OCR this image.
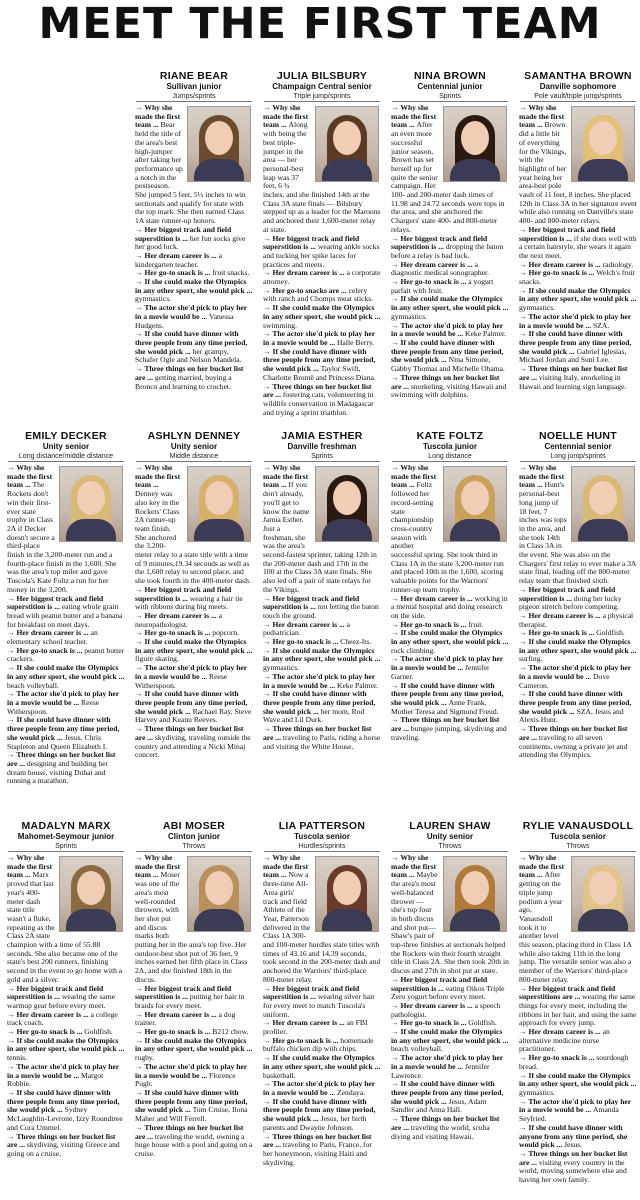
MEET THE FIRST TEAM
RIANE BEAR
Sullivan junior
Jumps/sprints

→ Why she made the first team ... Bear held the title of the area's best high-jumper after taking her performance up a notch in the postseason. She jumped 5 feet, 5½ inches to win sectionals and qualify for state with the top mark. She then earned Class 1A state runner-up honors.

→ Her biggest track and field superstition is ... her fun socks give her good luck.

→ Her dream career is ... a kindergarten teacher.

→ Her go-to snack is ... fruit snacks.

→ If she could make the Olympics in any other sport, she would pick ... gymnastics.

→ The actor she'd pick to play her in a movie would be ... Vanessa Hudgens.

→ If she could have dinner with three people from any time period, she would pick ... her grampy, Schafer Ogle and Nelson Mandela.

→ Three things on her bucket list are ... getting married, buying a Bronco and learning to crochet.

JULIA BILSBURY
Champaign Central senior
Triple jump/sprints

→ Why she made the first team ... Along with being the best triple-jumper in the area — her personal-best leap was 37 feet, 6 ¾ inches, and she finished 14th at the Class 3A state finals — Bilsbury stepped up as a leader for the Maroons and anchored their 1,600-meter relay at state.

→ Her biggest track and field superstition is ... wearing ankle socks and tucking her spike laces for practices and meets.

→ Her dream career is ... a corporate attorney.

→ Her go-to snacks are ... celery with ranch and Chomps meat sticks.

→ If she could make the Olympics in any other sport, she would pick ... swimming.

→ The actor she'd pick to play her in a movie would be ... Halle Berry.

→ If she could have dinner with three people from any time period, she would pick ... Taylor Swift, Charlotte Brontë and Princess Diana.

→ Three things on her bucket list are ... fostering cats, volunteering in wildlife conservation in Madagascar and trying a sprint triathlon.

NINA BROWN
Centennial junior
Sprints

→ Why she made the first team ... After an even more successful junior season, Brown has set herself up for quite the senior campaign. Her 100- and 200-meter dash times of 11.98 and 24.72 seconds were tops in the area, and she anchored the Chargers' state 400- and 800-meter relays.

→ Her biggest track and field superstition is ... dropping the baton before a relay is bad luck.

→ Her dream career is ... a diagnostic medical sonographer.

→ Her go-to snack is ... a yogurt parfait with fruit.

→ If she could make the Olympics in any other sport, she would pick ... gymnastics.

→ The actor she'd pick to play her in a movie would be ... Keke Palmer.

→ If she could have dinner with three people from any time period, she would pick ... Nina Simone, Gabby Thomas and Michelle Obama.

→ Three things on her bucket list are ... snorkeling, visiting Hawaii and swimming with dolphins.

SAMANTHA BROWN
Danville sophomore
Pole vault/triple jump/sprints

→ Why she made the first team ... Brown did a little bit of everything for the Vikings, with the highlight of her year being her area-best pole vault of 11 feet, 8 inches. She placed 12th in Class 3A in her signature event while also running on Danville's state 400- and 800-meter relays.

→ Her biggest track and field superstition is ... if she does well with a certain hairstyle, she wears it again the next meet.

→ Her dream career is ... radiology.

→ Her go-to snack is ... Welch's fruit snacks.

→ If she could make the Olympics in any other sport, she would pick ... gymnastics.

→ The actor she'd pick to play her in a movie would be ... SZA.

→ If she could have dinner with three people from any time period, she would pick ... Gabriel Iglesias, Michael Jordan and Suni Lee.

→ Three things on her bucket list are ... visiting Italy, snorkeling in Hawaii and learning sign language.

EMILY DECKER
Unity senior
Long distance/middle distance

→ Why she made the first team ... The Rockets don't win their first-ever state trophy in Class 2A if Decker doesn't secure a third-place finish in the 3,200-meter run and a fourth-place finish in the 1,600. She was the area's top miler and gave Tuscola's Kate Foltz a run for her money in the 3,200.

→ Her biggest track and field superstition is ... eating whole grain bread with peanut butter and a banana for breakfast on meet days.

→ Her dream career is ... an elementary school teacher.

→ Her go-to snack is ... peanut butter crackers.

→ If she could make the Olympics in any other sport, she would pick ... beach volleyball.

→ The actor she'd pick to play her in a movie would be ... Reese Witherspoon.

→ If she could have dinner with three people from any time period, she would pick ... Jesus, Chris Stapleton and Queen Elizabeth I.

→ Three things on her bucket list are ... designing and building her dream house, visiting Dubai and running a marathon.

ASHLYN DENNEY
Unity senior
Middle distance

→ Why she made the first team ... Denney was also key in the Rockets' Class 2A runner-up team finish. She anchored the 3,200-meter relay to a state title with a time of 9 minutes,19.34 seconds as well as the 1,600 relay to second place, and she took fourth in the 400-meter dash.

→ Her biggest track and field superstition is ... wearing a hair tie with ribbons during big meets.

→ Her dream career is ... a neuropathologist.

→ Her go-to snack is ... popcorn.

→ If she could make the Olympics in any other sport, she would pick ... figure skating.

→ The actor she'd pick to play her in a movie would be ... Reese Witherspoon.

→ If she could have dinner with three people from any time period, she would pick ... Rachael Ray, Steve Harvey and Keanu Reeves.

→ Three things on her bucket list are ... skydiving, traveling outside the country and attending a Nicki Minaj concert.

JAMIA ESTHER
Danville freshman
Sprints

→ Why she made the first team ... If you don't already, you'll get to know the name Jamia Esther. Just a freshman, she was the area's second-fastest sprinter, taking 12th in the 200-meter dash and 17th in the 100 at the Class 3A state finals. She also led off a pair of state relays for the Vikings.

→ Her biggest track and field superstition is ... not letting the baton touch the ground.

→ Her dream career is ... a pediatrician.

→ Her go-to snack is ... Cheez-Its.

→ If she could make the Olympics in any other sport, she would pick ... gymnastics.

→ The actor she'd pick to play her in a movie would be ... Keke Palmer.

→ If she could have dinner with three people from any time period, she would pick ... her mom, Rod Wave and Lil Durk.

→ Three things on her bucket list are ... traveling to Paris, riding a horse and visiting the White House.

KATE FOLTZ
Tuscola junior
Long distance

→ Why she made the first team ... Foltz followed her record-setting state championship cross-country season with another successful spring. She took third in Class 1A in the state 3,200-meter run and placed 10th in the 1,600, scoring valuable points for the Warriors' runner-up team trophy.

→ Her dream career is ... working in a mental hospital and doing research on the side.

→ Her go-to snack is ... fruit.

→ If she could make the Olympics in any other sport, she would pick ... rock climbing.

→ The actor she'd pick to play her in a movie would be ... Jennifer Garner.

→ If she could have dinner with three people from any time period, she would pick ... Anne Frank, Mother Teresa and Sigmund Freud.

→ Three things on her bucket list are ... bungee jumping, skydiving and traveling.

NOELLE HUNT
Centennial senior
Long jump/sprints

→ Why she made the first team ... Hunt's personal-best long jump of 18 feet, 7 inches was tops in the area, and she took 14th in Class 3A in the event. She was also on the Chargers' first relay to ever make a 3A state final, leading off the 800-meter relay team that finished sixth.

→ Her biggest track and field superstition is ... doing her lucky pigeon stretch before competing.

→ Her dream career is ... a physical therapist.

→ Her go-to snack is ... Goldfish.

→ If she could make the Olympics in any other sport, she would pick ... surfing.

→ The actor she'd pick to play her in a movie would be ... Dove Cameron.

→ If she could have dinner with three people from any time period, she would pick ... SZA, Jesus and Alexis Hunt.

→ Three things on her bucket list are ... traveling to all seven continents, owning a private jet and attending the Olympics.

MADALYN MARX
Mahomet-Seymour junior
Sprints

→ Why she made the first team ... Marx proved that last year's 400-meter dash state title wasn't a fluke, repeating as the Class 2A state champion with a time of 55.88 seconds. She also became one of the state's best 200 runners, finishing second in the event to go home with a gold and a silver.

→ Her biggest track and field superstition is ... wearing the same warmup gear before every meet.

→ Her dream career is ... a college track coach.

→ Her go-to snack is ... Goldfish.

→ If she could make the Olympics in any other sport, she would pick ... tennis.

→ The actor she'd pick to play her in a movie would be ... Margot Robbie.

→ If she could have dinner with three people from any time period, she would pick ... Sydney McLaughlin-Levrone, Izzy Roundtree and Cora Ummel.

→ Three things on her bucket list are ... skydiving, visiting Greece and going on a cruise.

ABI MOSER
Clinton junior
Throws

→ Why she made the first team ... Moser was one of the area's most well-rounded throwers, with her shot put and discus marks both putting her in the area's top five. Her outdoor-best shot put of 36 feet, 9 inches earned her fifth place in Class 2A, and she finished 18th in the discus.

→ Her biggest track and field superstition is ... putting her hair in braids for every meet.

→ Her dream career is ... a dog trainer.

→ Her go-to snack is ... B212 chow.

→ If she could make the Olympics in any other sport, she would pick ... rugby.

→ The actor she'd pick to play her in a movie would be ... Florence Pugh.

→ If she could have dinner with three people from any time period, she would pick ... Tom Cruise, Ilona Maher and Will Ferrell.

→ Three things on her bucket list are ... traveling the world, owning a huge house with a pool and going on a cruise.

LIA PATTERSON
Tuscola senior
Hurdles/sprints

→ Why she made the first team ... Now a three-time All-Area girls' track and field Athlete of the Year, Patterson delivered in the Class 1A 300- and 100-meter hurdles state titles with times of 43.16 and 14.39 seconds, took second in the 200-meter dash and anchored the Warriors' third-place 800-meter relay.

→ Her biggest track and field superstition is ... wearing silver hair for every meet to match Tuscola's uniform.

→ Her dream career is ... an FBI profiler.

→ Her go-to snack is ... homemade buffalo chicken dip with chips.

→ If she could make the Olympics in any other sport, she would pick ... basketball.

→ The actor she'd pick to play her in a movie would be ... Zendaya.

→ If she could have dinner with three people from any time period, she would pick ... Jesus, her birth parents and Dwayne Johnson.

→ Three things on her bucket list are ... traveling to Paris, France, for her honeymoon, visiting Haiti and skydiving.

LAUREN SHAW
Unity senior
Throws

→ Why she made the first team ... Maybe the area's most well-balanced thrower — she's top four in both discus and shot put— Shaw's pair of top-three finishes at sectionals helped the Rockets win their fourth straight title in Class 2A. She then took 20th in discus and 27th in shot put at state.

→ Her biggest track and field superstition is ... eating Oikos Triple Zero yogurt before every meet.

→ Her dream career is ... a speech pathologist.

→ Her go-to snack is ... Goldfish.

→ If she could make the Olympics in any other sport, she would pick ... beach volleyball.

→ The actor she'd pick to play her in a movie would be ... Jennifer Lawrence.

→ If she could have dinner with three people from any time period, she would pick ... Jesus, Adam Sandler and Anna Hall.

→ Three things on her bucket list are ... traveling the world, scuba diving and visiting Hawaii.

RYLIE VANAUSDOLL
Tuscola senior
Throws

→ Why she made the first team ... After getting on the triple jump podium a year ago, Vanausdoll took it to another level this season, placing third in Class 1A while also taking 11th in the long jump. The versatile senior was also a member of the Warriors' third-place 800-meter relay.

→ Her biggest track and field superstitions are ... wearing the same things for every meet, including the ribbons in her hair, and using the same approach for every jump.

→ Her dream career is ... an alternative medicine nurse practitioner.

→ Her go-to snack is ... sourdough bread.

→ If she could make the Olympics in any other sport, she would pick ... gymnastics.

→ The actor she'd pick to play her in a movie would be ... Amanda Seyfried.

→ If she could have dinner with anyone from any time period, she would pick ... Jesus.

→ Three things on her bucket list are ... visiting every country in the world, moving somewhere else and having her own family.
